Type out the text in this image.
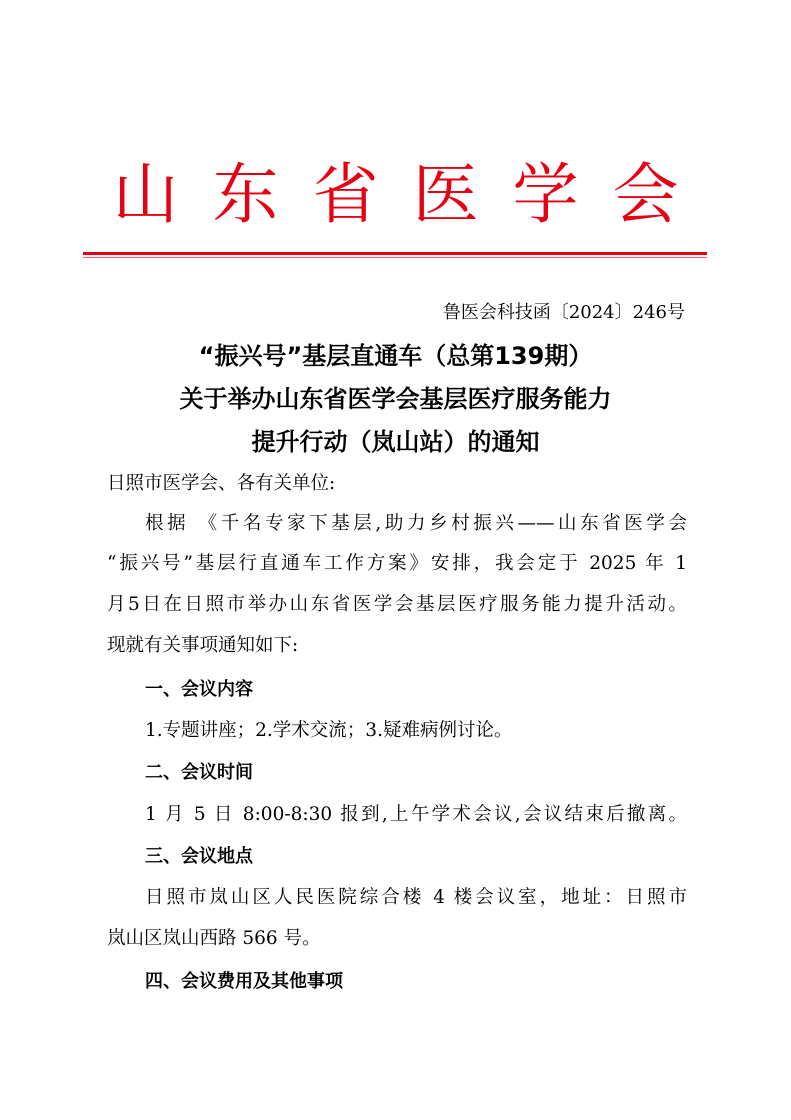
山东省医学会
鲁医会科技函〔2024〕246号
“振兴号”基层直通车（总第139期）
关于举办山东省医学会基层医疗服务能力
提升行动（岚山站）的通知
日照市医学会、各有关单位:
根据 《千名专家下基层,助力乡村振兴——山东省医学会
“振兴号”基层行直通车工作方案》安排，我会定于 2025 年 1
月5日在日照市举办山东省医学会基层医疗服务能力提升活动。
现就有关事项通知如下:
一、会议内容
1.专题讲座；2.学术交流；3.疑难病例讨论。
二、会议时间
1 月 5 日 8:00-8:30 报到,上午学术会议,会议结束后撤离。
三、会议地点
日照市岚山区人民医院综合楼 4 楼会议室，地址：日照市
岚山区岚山西路 566 号。
四、会议费用及其他事项
